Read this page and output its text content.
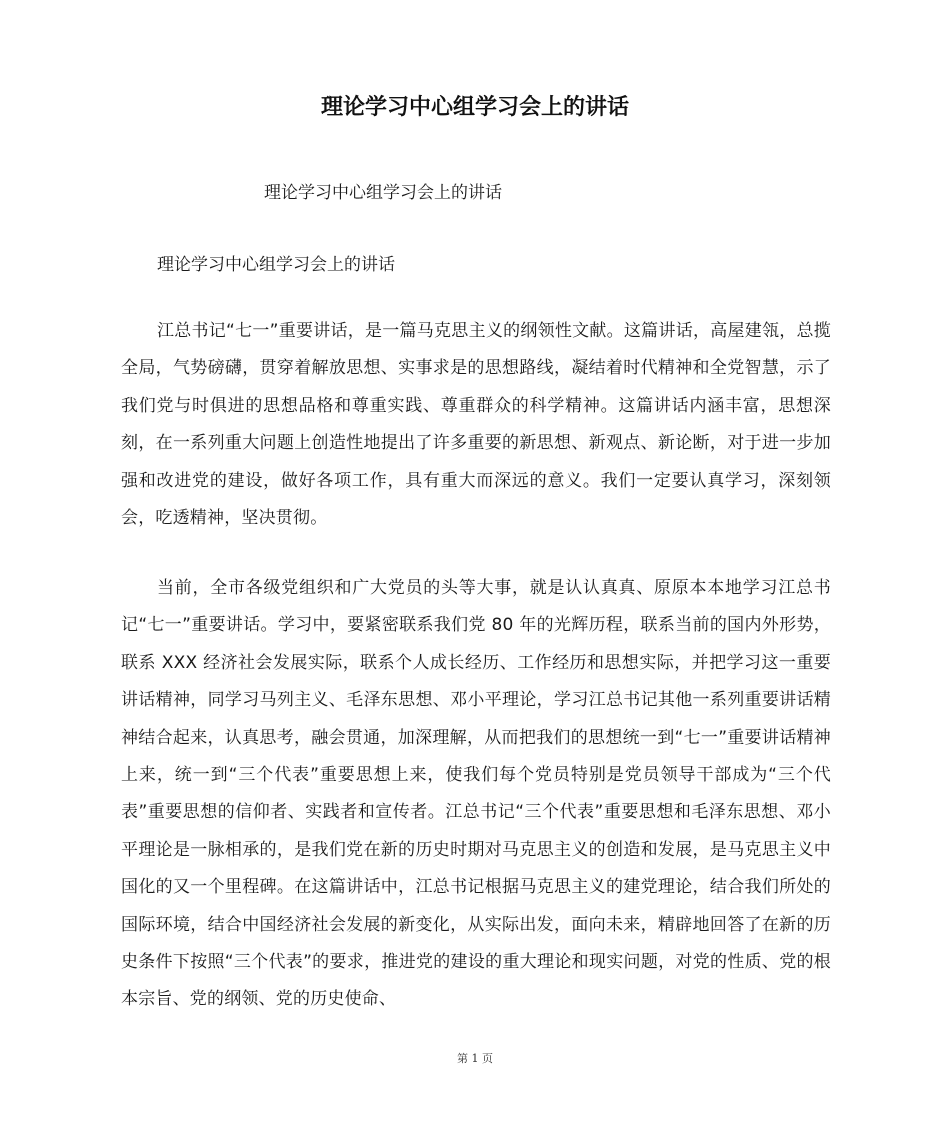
理论学习中心组学习会上的讲话

理论学习中心组学习会上的讲话

理论学习中心组学习会上的讲话

江总书记“七一”重要讲话，是一篇马克思主义的纲领性文献。这篇讲话，高屋建瓴，总揽全局，气势磅礴，贯穿着解放思想、实事求是的思想路线，凝结着时代精神和全党智慧，示了我们党与时俱进的思想品格和尊重实践、尊重群众的科学精神。这篇讲话内涵丰富，思想深刻，在一系列重大问题上创造性地提出了许多重要的新思想、新观点、新论断，对于进一步加强和改进党的建设，做好各项工作，具有重大而深远的意义。我们一定要认真学习，深刻领会，吃透精神，坚决贯彻。

当前，全市各级党组织和广大党员的头等大事，就是认认真真、原原本本地学习江总书记“七一”重要讲话。学习中，要紧密联系我们党 80 年的光辉历程，联系当前的国内外形势，联系 XXX 经济社会发展实际，联系个人成长经历、工作经历和思想实际，并把学习这一重要讲话精神，同学习马列主义、毛泽东思想、邓小平理论，学习江总书记其他一系列重要讲话精神结合起来，认真思考，融会贯通，加深理解，从而把我们的思想统一到“七一”重要讲话精神上来，统一到“三个代表”重要思想上来，使我们每个党员特别是党员领导干部成为“三个代表”重要思想的信仰者、实践者和宣传者。江总书记“三个代表”重要思想和毛泽东思想、邓小平理论是一脉相承的，是我们党在新的历史时期对马克思主义的创造和发展，是马克思主义中国化的又一个里程碑。在这篇讲话中，江总书记根据马克思主义的建党理论，结合我们所处的国际环境，结合中国经济社会发展的新变化，从实际出发，面向未来，精辟地回答了在新的历史条件下按照“三个代表”的要求，推进党的建设的重大理论和现实问题，对党的性质、党的根本宗旨、党的纲领、党的历史使命、

第 1 页
